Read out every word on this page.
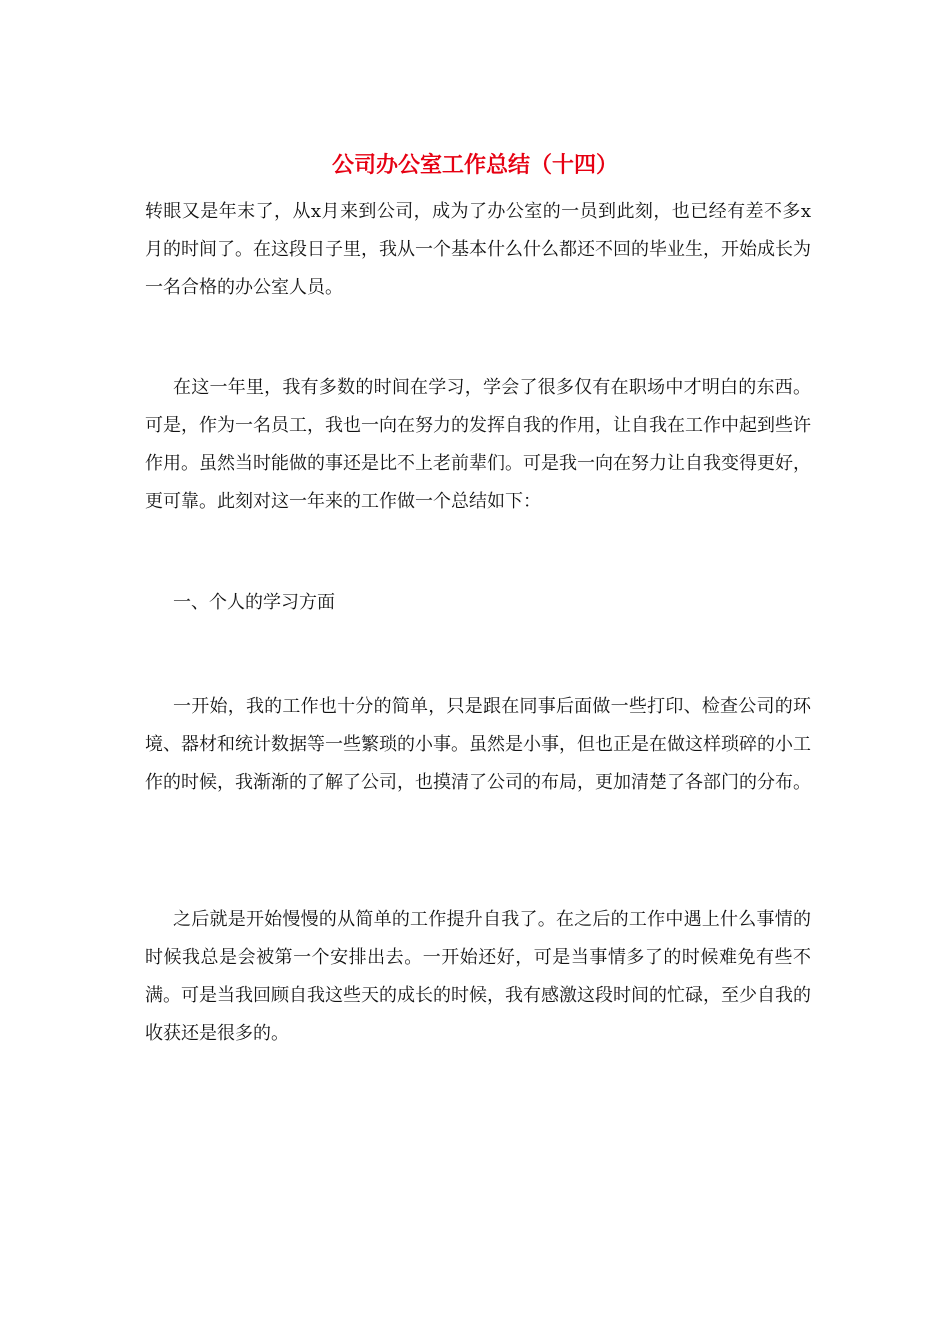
公司办公室工作总结（十四）

转眼又是年末了，从x月来到公司，成为了办公室的一员到此刻，也已经有差不多x月的时间了。在这段日子里，我从一个基本什么什么都还不回的毕业生，开始成长为一名合格的办公室人员。

在这一年里，我有多数的时间在学习，学会了很多仅有在职场中才明白的东西。可是，作为一名员工，我也一向在努力的发挥自我的作用，让自我在工作中起到些许作用。虽然当时能做的事还是比不上老前辈们。可是我一向在努力让自我变得更好，更可靠。此刻对这一年来的工作做一个总结如下：

一、个人的学习方面

一开始，我的工作也十分的简单，只是跟在同事后面做一些打印、检查公司的环境、器材和统计数据等一些繁琐的小事。虽然是小事，但也正是在做这样琐碎的小工作的时候，我渐渐的了解了公司，也摸清了公司的布局，更加清楚了各部门的分布。

之后就是开始慢慢的从简单的工作提升自我了。在之后的工作中遇上什么事情的时候我总是会被第一个安排出去。一开始还好，可是当事情多了的时候难免有些不满。可是当我回顾自我这些天的成长的时候，我有感激这段时间的忙碌，至少自我的收获还是很多的。
